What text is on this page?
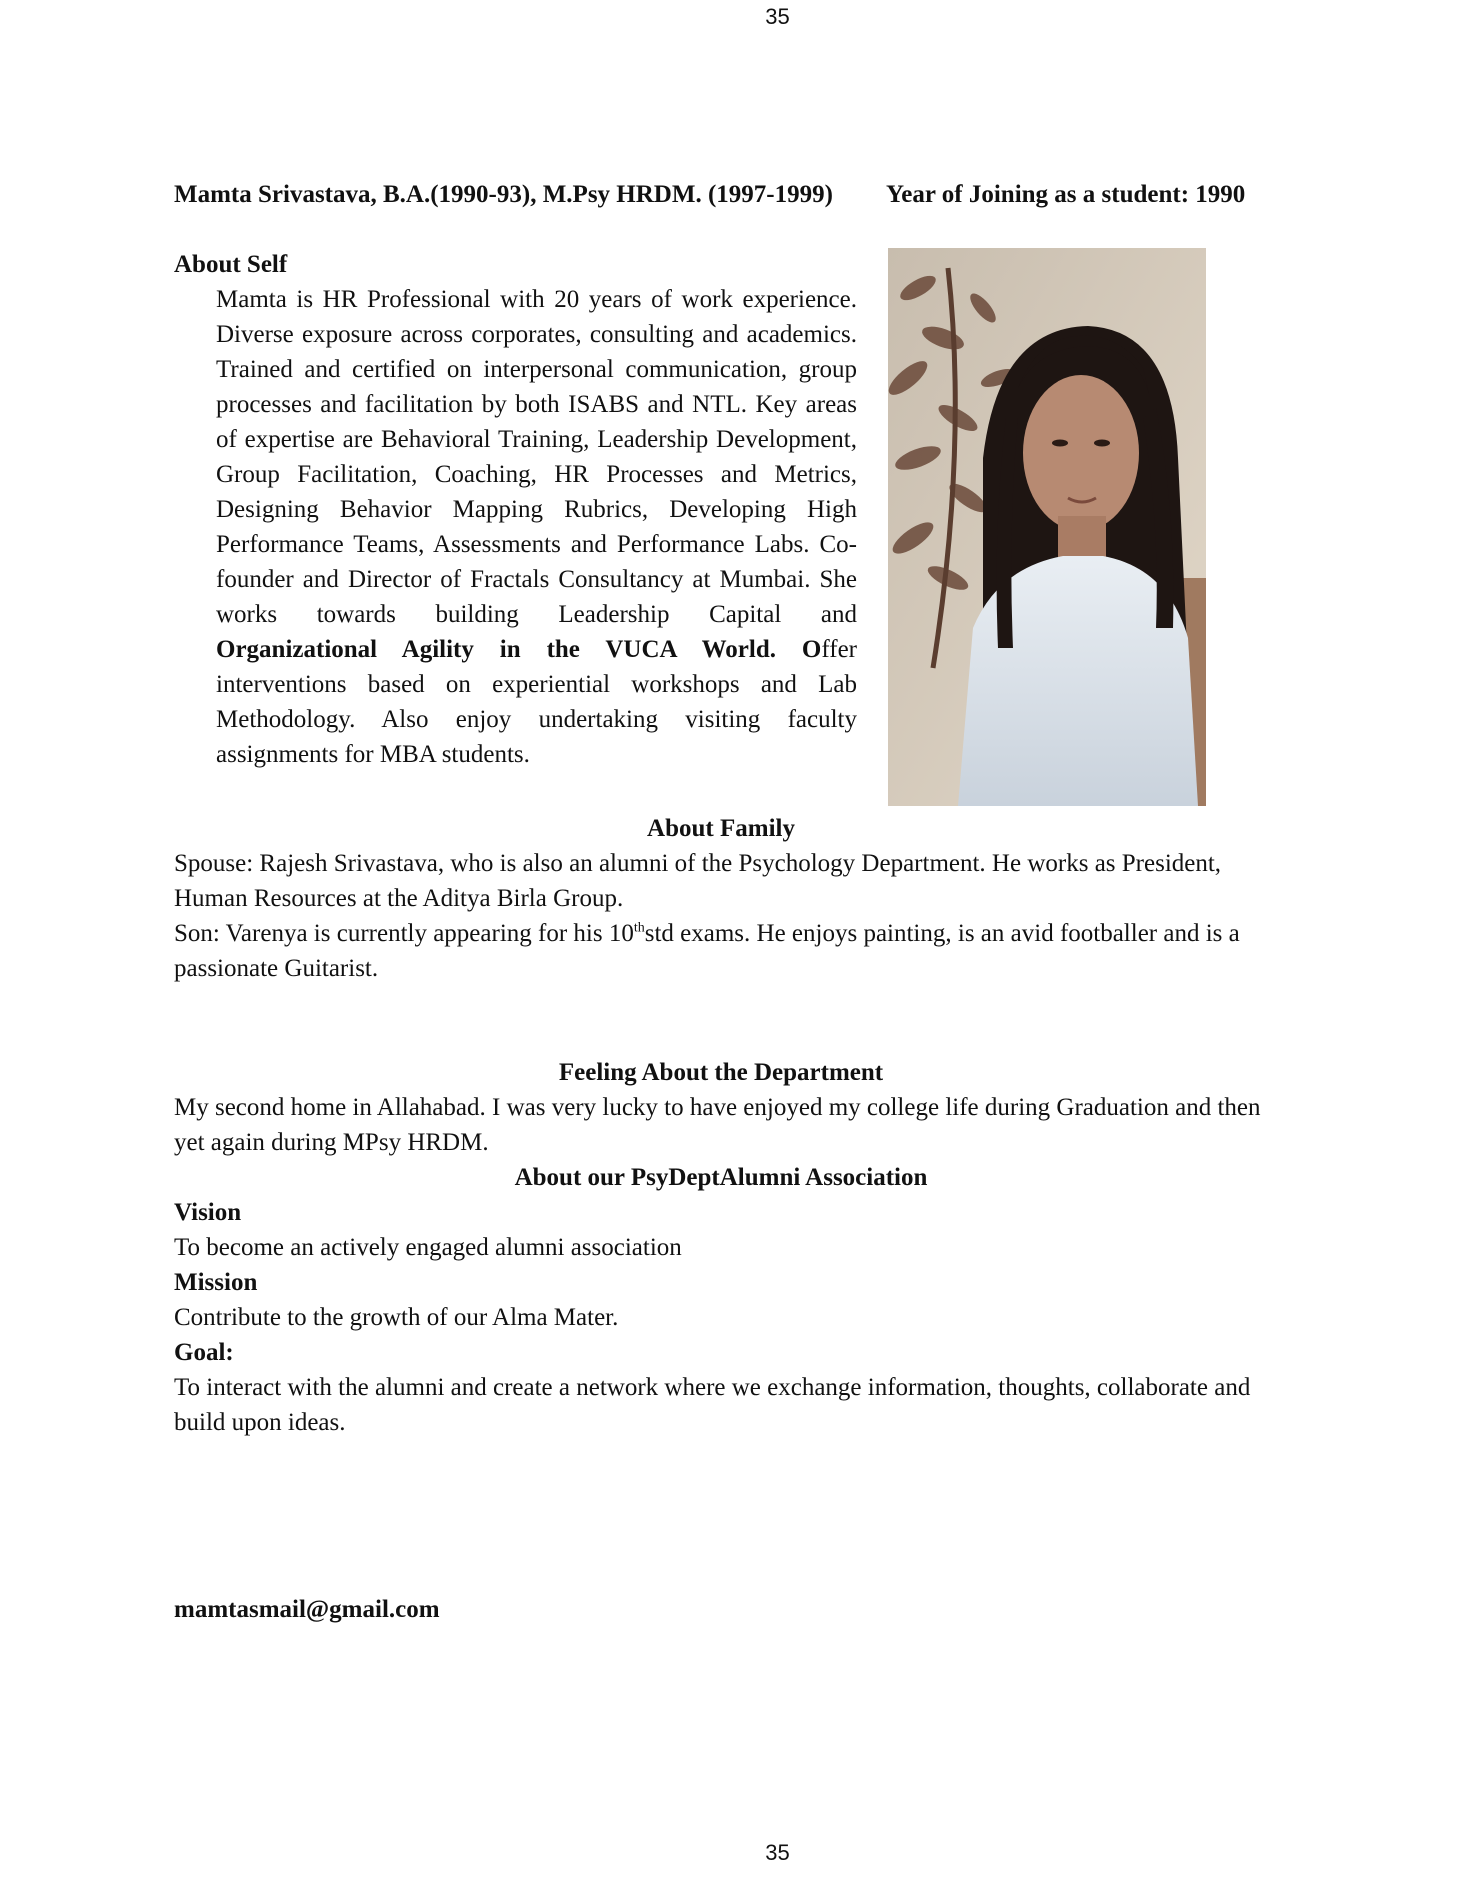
35
Mamta Srivastava, B.A.(1990-93), M.Psy HRDM. (1997-1999)	Year of Joining as a student: 1990
About Self
Mamta is HR Professional with 20 years of work experience. Diverse exposure across corporates, consulting and academics. Trained and certified on interpersonal communication, group processes and facilitation by both ISABS and NTL. Key areas of expertise are Behavioral Training, Leadership Development, Group Facilitation, Coaching, HR Processes and Metrics, Designing Behavior Mapping Rubrics, Developing High Performance Teams, Assessments and Performance Labs. Co-founder and Director of Fractals Consultancy at Mumbai. She works towards building Leadership Capital and Organizational Agility in the VUCA World. Offer interventions based on experiential workshops and Lab Methodology. Also enjoy undertaking visiting faculty assignments for MBA students.
About Family
Spouse: Rajesh Srivastava, who is also an alumni of the Psychology Department. He works as President, Human Resources at the Aditya Birla Group.
Son: Varenya is currently appearing for his 10thstd exams. He enjoys painting, is an avid footballer and is a passionate Guitarist.
Feeling About the Department
My second home in Allahabad. I was very lucky to have enjoyed my college life during Graduation and then yet again during MPsy HRDM.
About our PsyDeptAlumni Association
Vision
To become an actively engaged alumni association
Mission
Contribute to the growth of our Alma Mater.
Goal:
To interact with the alumni and create a network where we exchange information, thoughts, collaborate and build upon ideas.
mamtasmail@gmail.com
35
